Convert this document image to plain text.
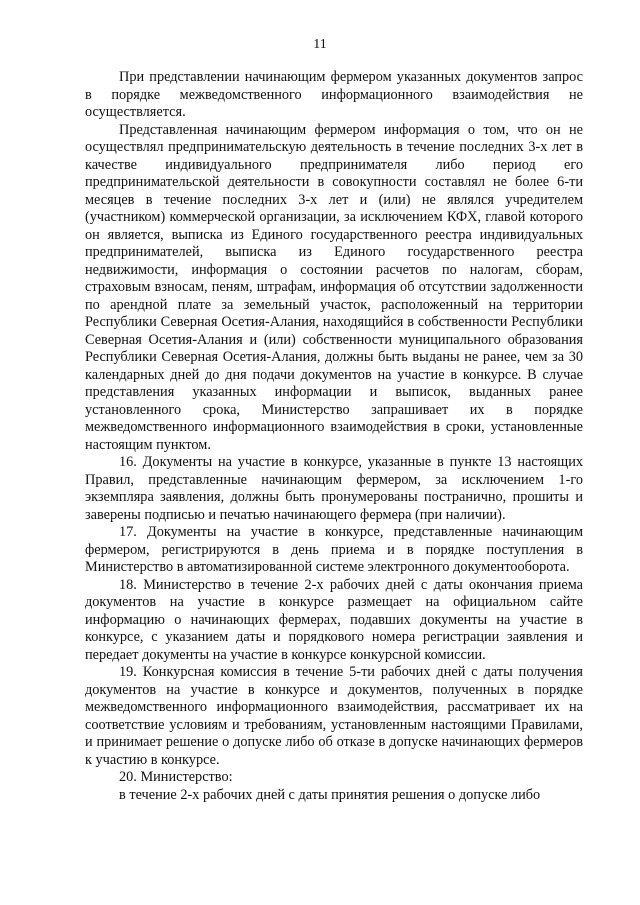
11

При представлении начинающим фермером указанных документов запрос в порядке межведомственного информационного взаимодействия не осуществляется.

Представленная начинающим фермером информация о том, что он не осуществлял предпринимательскую деятельность в течение последних 3-х лет в качестве индивидуального предпринимателя либо период его предпринимательской деятельности в совокупности составлял не более 6-ти месяцев в течение последних 3-х лет и (или) не являлся учредителем (участником) коммерческой организации, за исключением КФХ, главой которого он является, выписка из Единого государственного реестра индивидуальных предпринимателей, выписка из Единого государственного реестра недвижимости, информация о состоянии расчетов по налогам, сборам, страховым взносам, пеням, штрафам, информация об отсутствии задолженности по арендной плате за земельный участок, расположенный на территории Республики Северная Осетия-Алания, находящийся в собственности Республики Северная Осетия-Алания и (или) собственности муниципального образования Республики Северная Осетия-Алания, должны быть выданы не ранее, чем за 30 календарных дней до дня подачи документов на участие в конкурсе. В случае представления указанных информации и выписок, выданных ранее установленного срока, Министерство запрашивает их в порядке межведомственного информационного взаимодействия в сроки, установленные настоящим пунктом.

16. Документы на участие в конкурсе, указанные в пункте 13 настоящих Правил, представленные начинающим фермером, за исключением 1-го экземпляра заявления, должны быть пронумерованы постранично, прошиты и заверены подписью и печатью начинающего фермера (при наличии).

17. Документы на участие в конкурсе, представленные начинающим фермером, регистрируются в день приема и в порядке поступления в Министерство в автоматизированной системе электронного документооборота.

18. Министерство в течение 2-х рабочих дней с даты окончания приема документов на участие в конкурсе размещает на официальном сайте информацию о начинающих фермерах, подавших документы на участие в конкурсе, с указанием даты и порядкового номера регистрации заявления и передает документы на участие в конкурсе конкурсной комиссии.

19. Конкурсная комиссия в течение 5-ти рабочих дней с даты получения документов на участие в конкурсе и документов, полученных в порядке межведомственного информационного взаимодействия, рассматривает их на соответствие условиям и требованиям, установленным настоящими Правилами, и принимает решение о допуске либо об отказе в допуске начинающих фермеров к участию в конкурсе.

20. Министерство:

в течение 2-х рабочих дней с даты принятия решения о допуске либо
